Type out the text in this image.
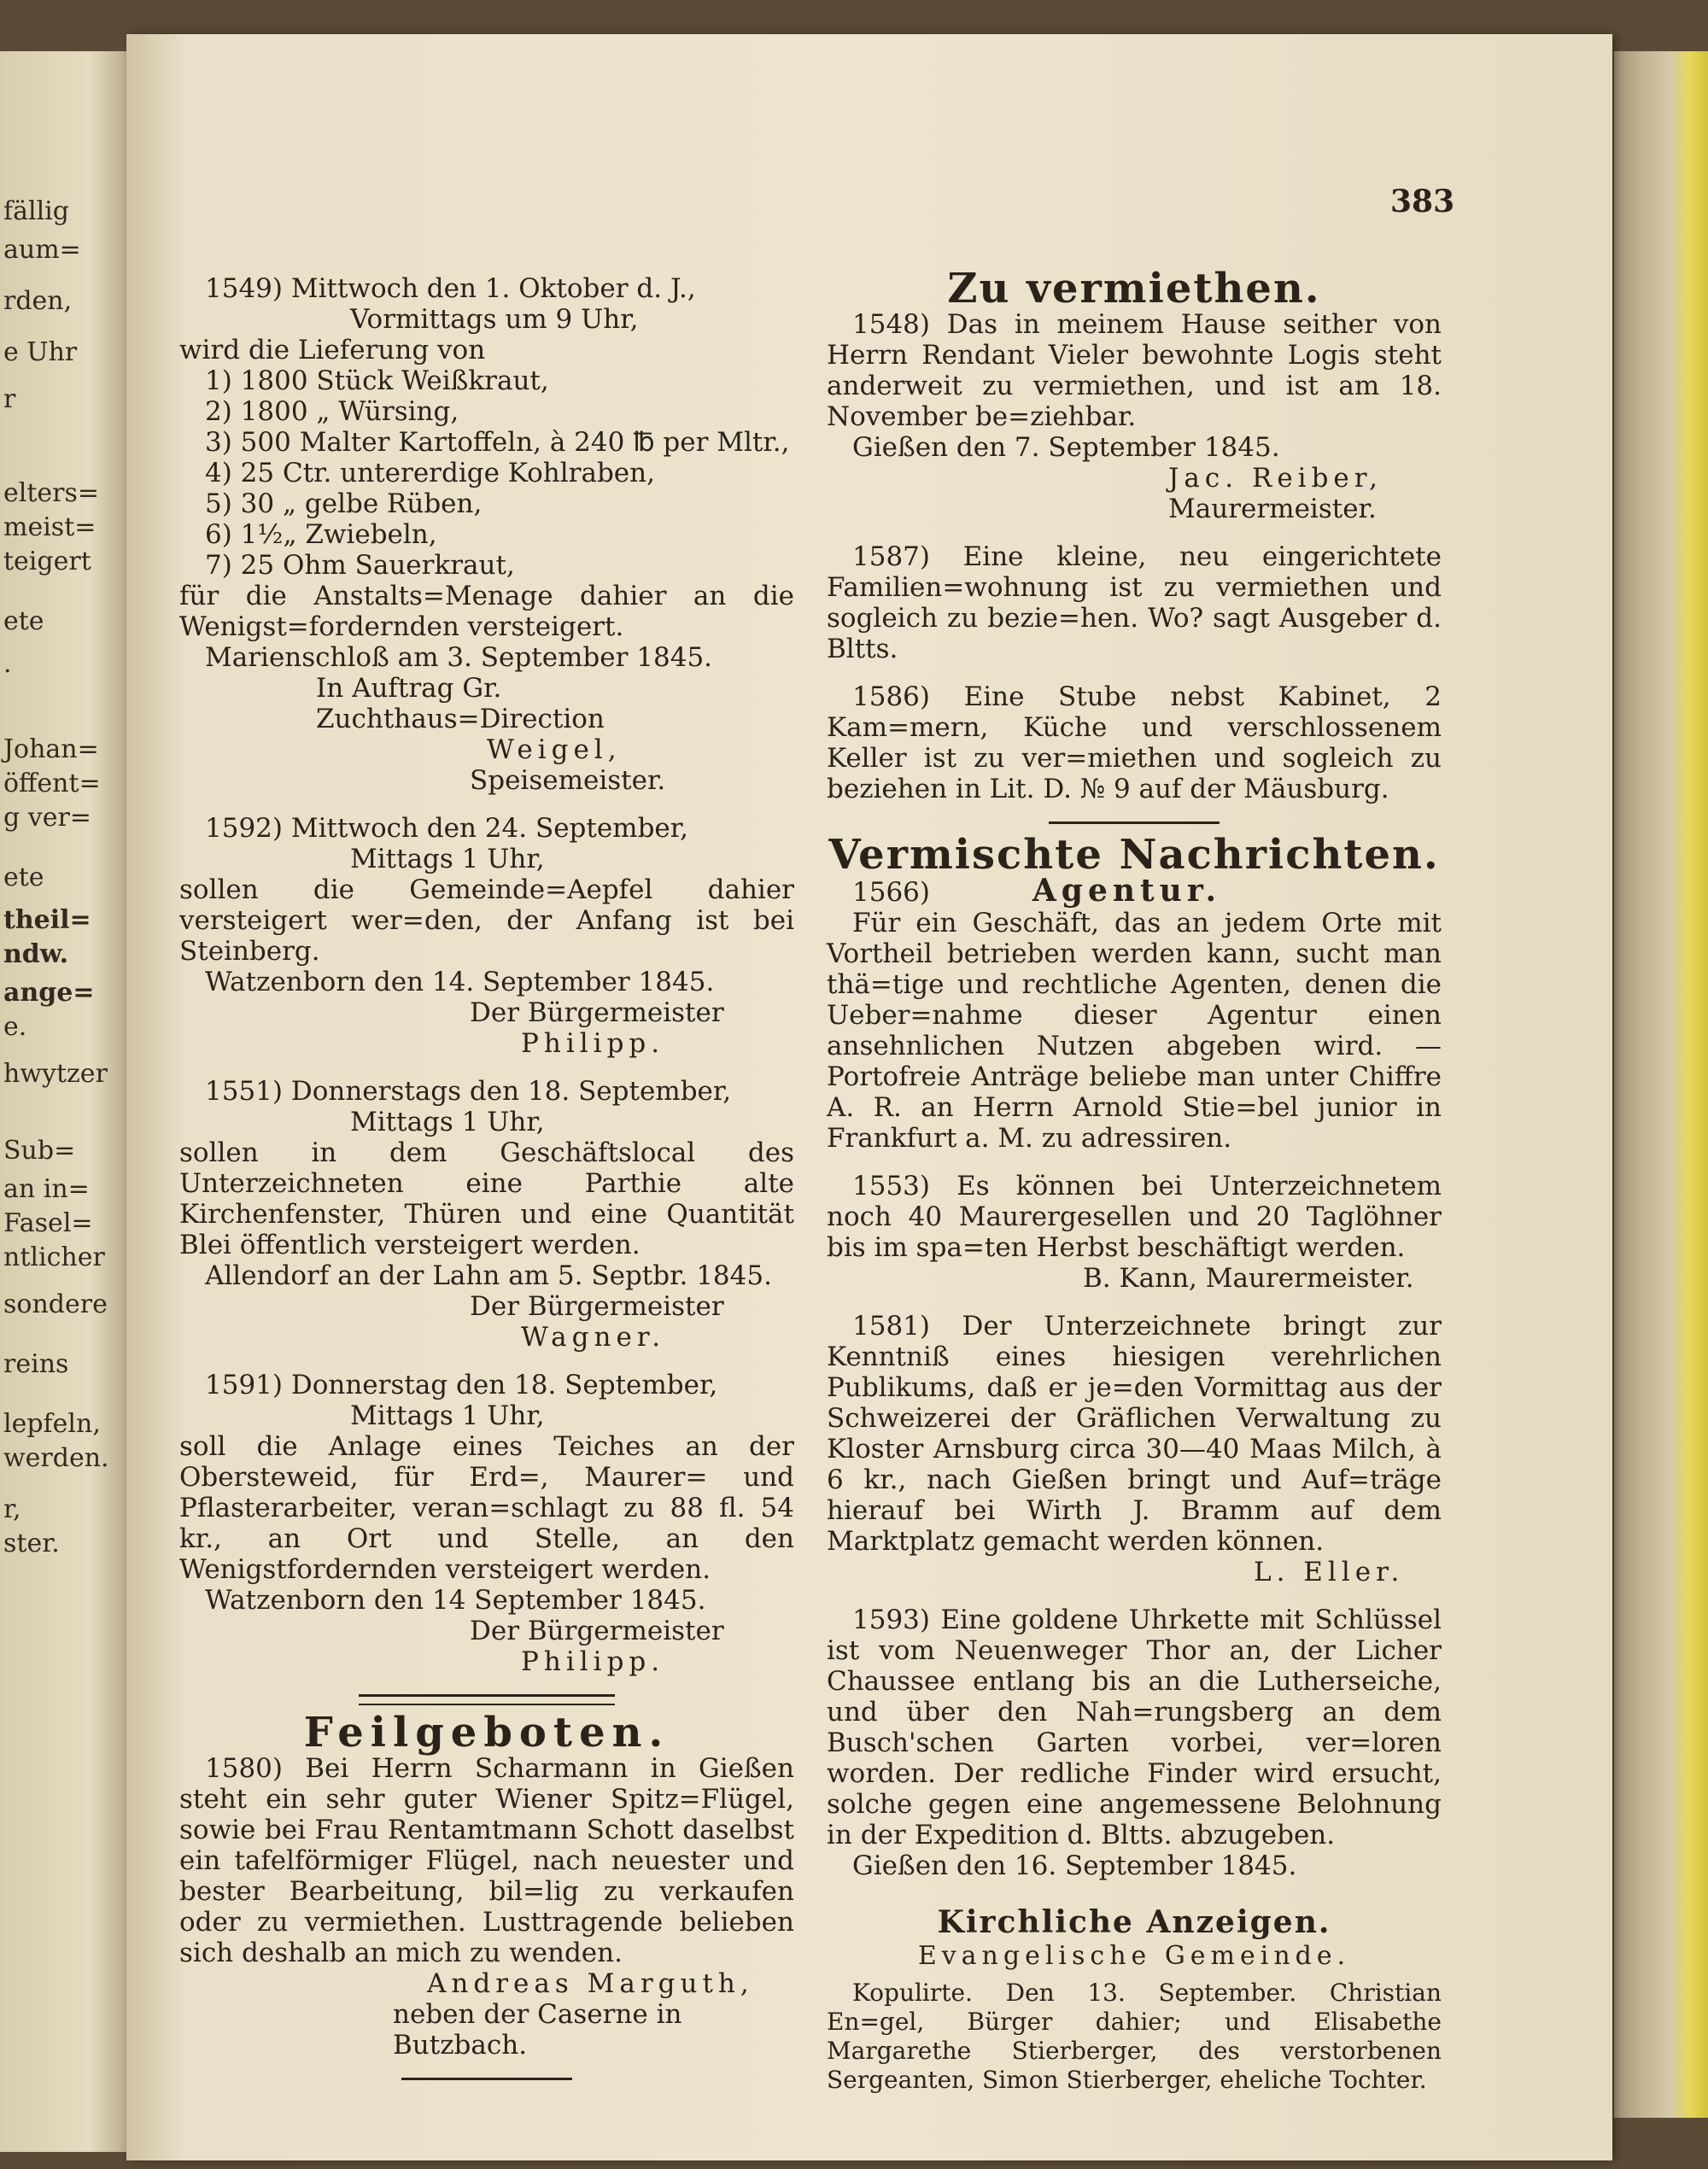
fällig
aum=
rden,
e Uhr
r
elters=
meist=
teigert
ete
.
Johan=
öffent=
g ver=
ete
theil=
ndw.
ange=
e.
hwytzer
Sub=
an in=
Fasel=
ntlicher
sondere
reins
lepfeln,
werden.
r,
ster.
383
1549) Mittwoch den 1. Oktober d. J.,
Vormittags um 9 Uhr,
wird die Lieferung von
1) 1800 Stück Weißkraut,
2) 1800 „ Würsing,
3) 500 Malter Kartoffeln, à 240 ℔ per Mltr.,
4) 25 Ctr. untererdige Kohlraben,
5) 30 „ gelbe Rüben,
6) 1½„ Zwiebeln,
7) 25 Ohm Sauerkraut,

für die Anstalts=Menage dahier an die Wenigst=fordernden versteigert.

Marienschloß am 3. September 1845.
In Auftrag Gr. Zuchthaus=Direction
Weigel,
Speisemeister.
1592) Mittwoch den 24. September,
Mittags 1 Uhr,

sollen die Gemeinde=Aepfel dahier versteigert wer=den, der Anfang ist bei Steinberg.

Watzenborn den 14. September 1845.
Der Bürgermeister
Philipp.
1551) Donnerstags den 18. September,
Mittags 1 Uhr,

sollen in dem Geschäftslocal des Unterzeichneten eine Parthie alte Kirchenfenster, Thüren und eine Quantität Blei öffentlich versteigert werden.

Allendorf an der Lahn am 5. Septbr. 1845.
Der Bürgermeister
Wagner.
1591) Donnerstag den 18. September,
Mittags 1 Uhr,

soll die Anlage eines Teiches an der Obersteweid, für Erd=, Maurer= und Pflasterarbeiter, veran=schlagt zu 88 fl. 54 kr., an Ort und Stelle, an den Wenigstfordernden versteigert werden.

Watzenborn den 14 September 1845.
Der Bürgermeister
Philipp.
Feilgeboten.

1580) Bei Herrn Scharmann in Gießen steht ein sehr guter Wiener Spitz=Flügel, sowie bei Frau Rentamtmann Schott daselbst ein tafelförmiger Flügel, nach neuester und bester Bearbeitung, bil=lig zu verkaufen oder zu vermiethen. Lusttragende belieben sich deshalb an mich zu wenden.

Andreas Marguth,
neben der Caserne in Butzbach.
Zu vermiethen.

1548) Das in meinem Hause seither von Herrn Rendant Vieler bewohnte Logis steht anderweit zu vermiethen, und ist am 18. November be=ziehbar.

Gießen den 7. September 1845.
Jac. Reiber,
Maurermeister.

1587) Eine kleine, neu eingerichtete Familien=wohnung ist zu vermiethen und sogleich zu bezie=hen. Wo? sagt Ausgeber d. Bltts.

1586) Eine Stube nebst Kabinet, 2 Kam=mern, Küche und verschlossenem Keller ist zu ver=miethen und sogleich zu beziehen in Lit. D. № 9 auf der Mäusburg.

Vermischte Nachrichten.
1566)	Agentur.

Für ein Geschäft, das an jedem Orte mit Vortheil betrieben werden kann, sucht man thä=tige und rechtliche Agenten, denen die Ueber=nahme dieser Agentur einen ansehnlichen Nutzen abgeben wird. — Portofreie Anträge beliebe man unter Chiffre A. R. an Herrn Arnold Stie=bel junior in Frankfurt a. M. zu adressiren.

1553) Es können bei Unterzeichnetem noch 40 Maurergesellen und 20 Taglöhner bis im spa=ten Herbst beschäftigt werden.

B. Kann, Maurermeister.

1581) Der Unterzeichnete bringt zur Kenntniß eines hiesigen verehrlichen Publikums, daß er je=den Vormittag aus der Schweizerei der Gräflichen Verwaltung zu Kloster Arnsburg circa 30—40 Maas Milch, à 6 kr., nach Gießen bringt und Auf=träge hierauf bei Wirth J. Bramm auf dem Marktplatz gemacht werden können.

L. Eller.

1593) Eine goldene Uhrkette mit Schlüssel ist vom Neuenweger Thor an, der Licher Chaussee entlang bis an die Lutherseiche, und über den Nah=rungsberg an dem Busch'schen Garten vorbei, ver=loren worden. Der redliche Finder wird ersucht, solche gegen eine angemessene Belohnung in der Expedition d. Bltts. abzugeben.

Gießen den 16. September 1845.
Kirchliche Anzeigen.
Evangelische Gemeinde.

Kopulirte. Den 13. September. Christian En=gel, Bürger dahier; und Elisabethe Margarethe Stierberger, des verstorbenen Sergeanten, Simon Stierberger, eheliche Tochter.
